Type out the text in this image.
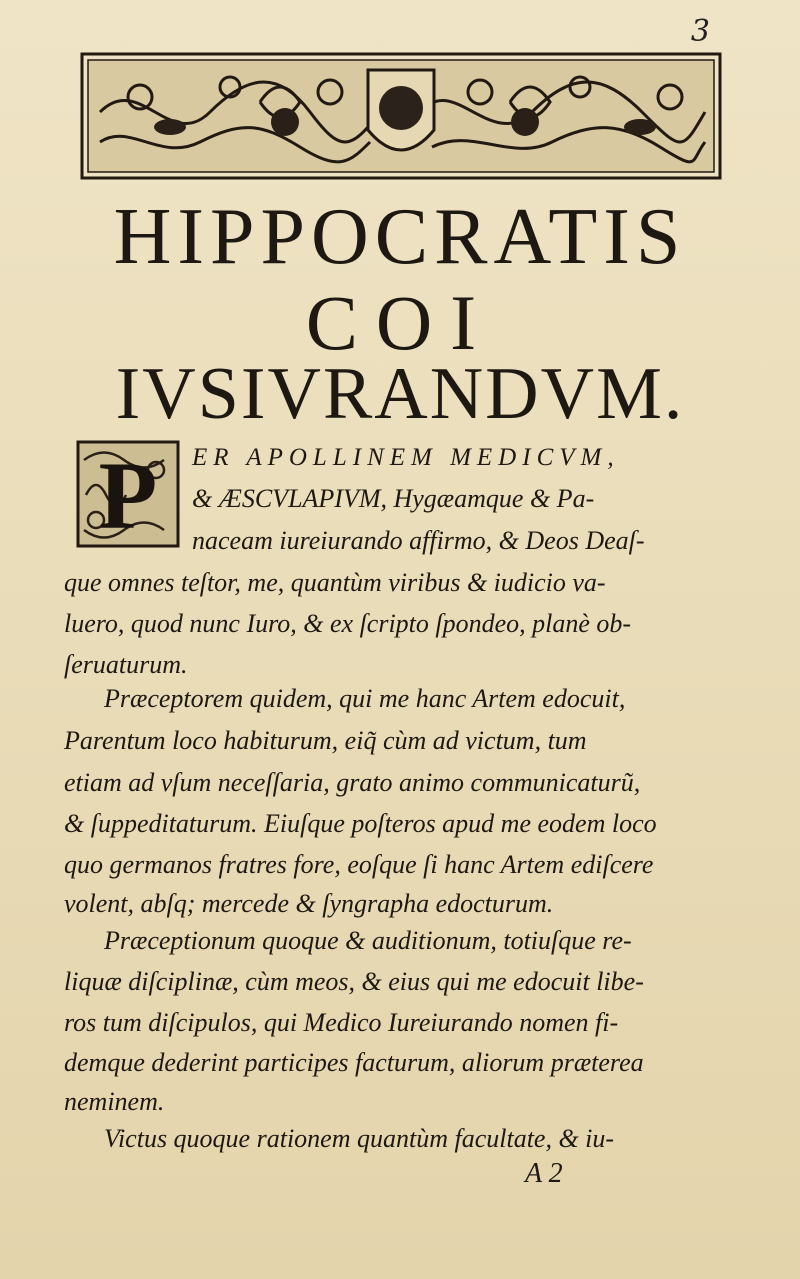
3
HIPPOCRATIS
COI
IVSIVRANDVM.
P ER APOLLINEM MEDICVM,
& ÆSCVLAPIVM, Hygæamque & Pa-
naceam iureiurando affirmo, & Deos Deaſ-
que omnes teſtor, me, quantùm viribus & iudicio va-
luero, quod nunc Iuro, & ex ſcripto ſpondeo, planè ob-
ſeruaturum.
Præceptorem quidem, qui me hanc Artem edocuit,
Parentum loco habiturum, eiq̃ cùm ad victum, tum
etiam ad vſum neceſſaria, grato animo communicaturũ,
& ſuppeditaturum. Eiuſque poſteros apud me eodem loco
quo germanos fratres fore, eoſque ſi hanc Artem ediſcere
volent, abſq; mercede & ſyngrapha edocturum.
Præceptionum quoque & auditionum, totiuſque re-
liquæ diſciplinæ, cùm meos, & eius qui me edocuit libe-
ros tum diſcipulos, qui Medico Iureiurando nomen fi-
demque dederint participes facturum, aliorum præterea
neminem.
Victus quoque rationem quantùm facultate, & iu-
A 2
